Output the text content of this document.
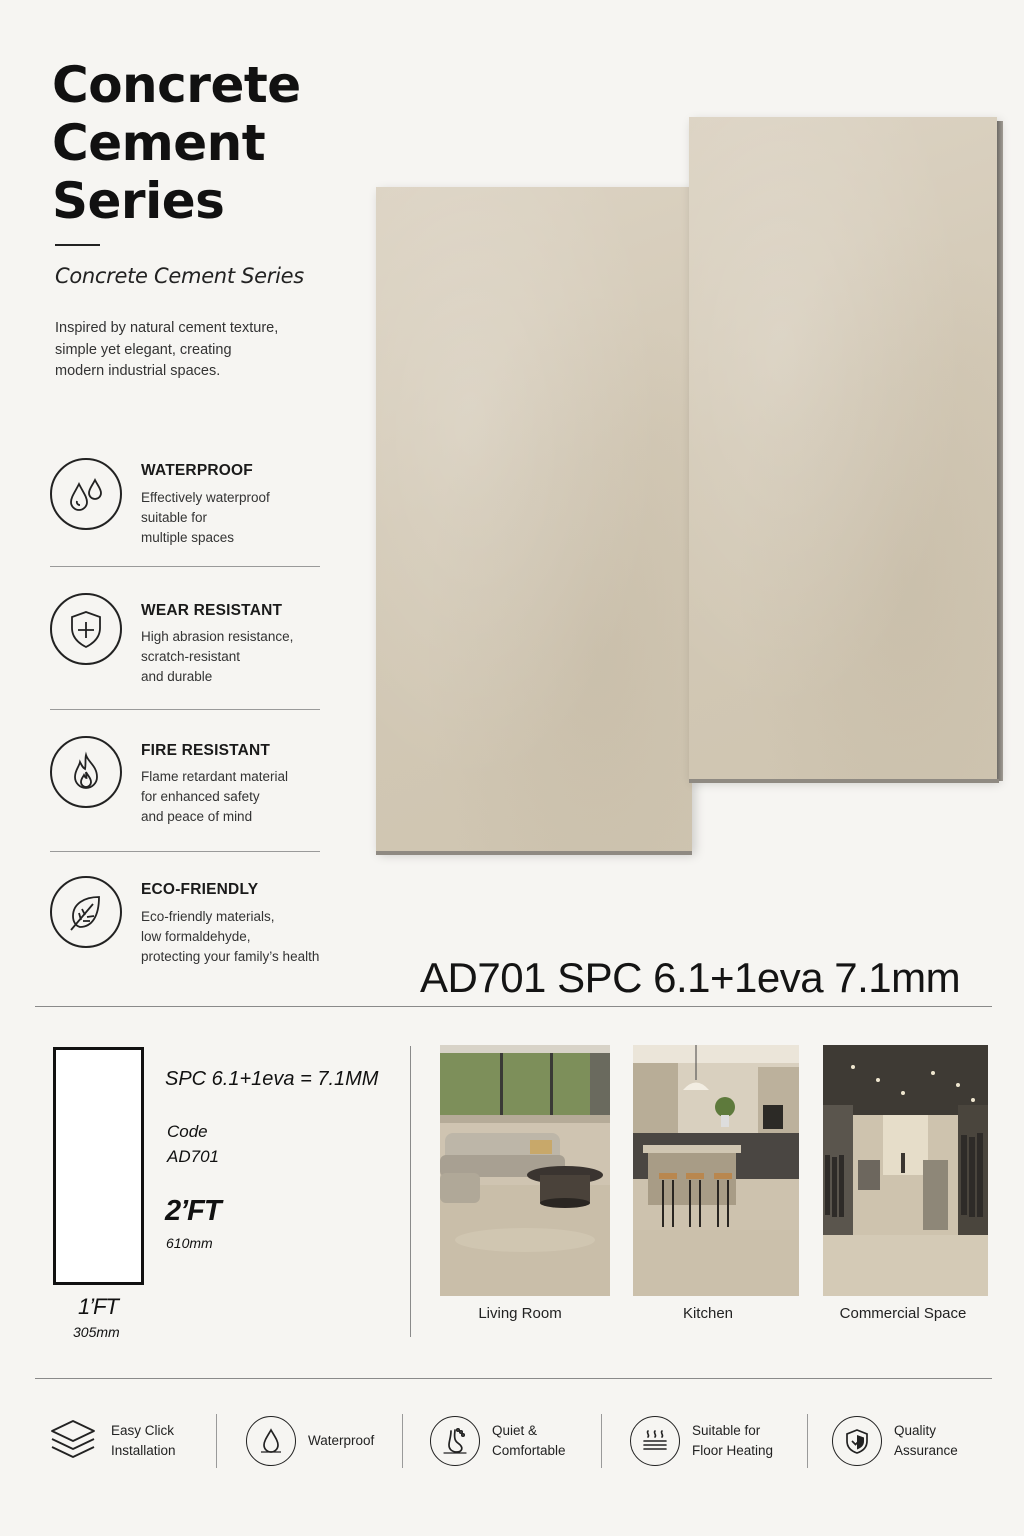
Concrete
Cement
Series
Concrete Cement Series
Inspired by natural cement texture,
simple yet elegant, creating
modern industrial spaces.
WATERPROOF
Effectively waterproof
suitable for
multiple spaces
WEAR RESISTANT
High abrasion resistance,
scratch-resistant
and durable
FIRE RESISTANT
Flame retardant material
for enhanced safety
and peace of mind
ECO-FRIENDLY
Eco-friendly materials,
low formaldehyde,
protecting your family’s health	AD701 SPC 6.1+1eva 7.1mm
SPC 6.1+1eva = 7.1MM
Code
AD701
2’FT
610mm
1’FT
305mm
Living Room	Kitchen	Commercial Space
Easy Click
Installation
Waterproof
Quiet &
Comfortable
Suitable for
Floor Heating
Quality
Assurance
